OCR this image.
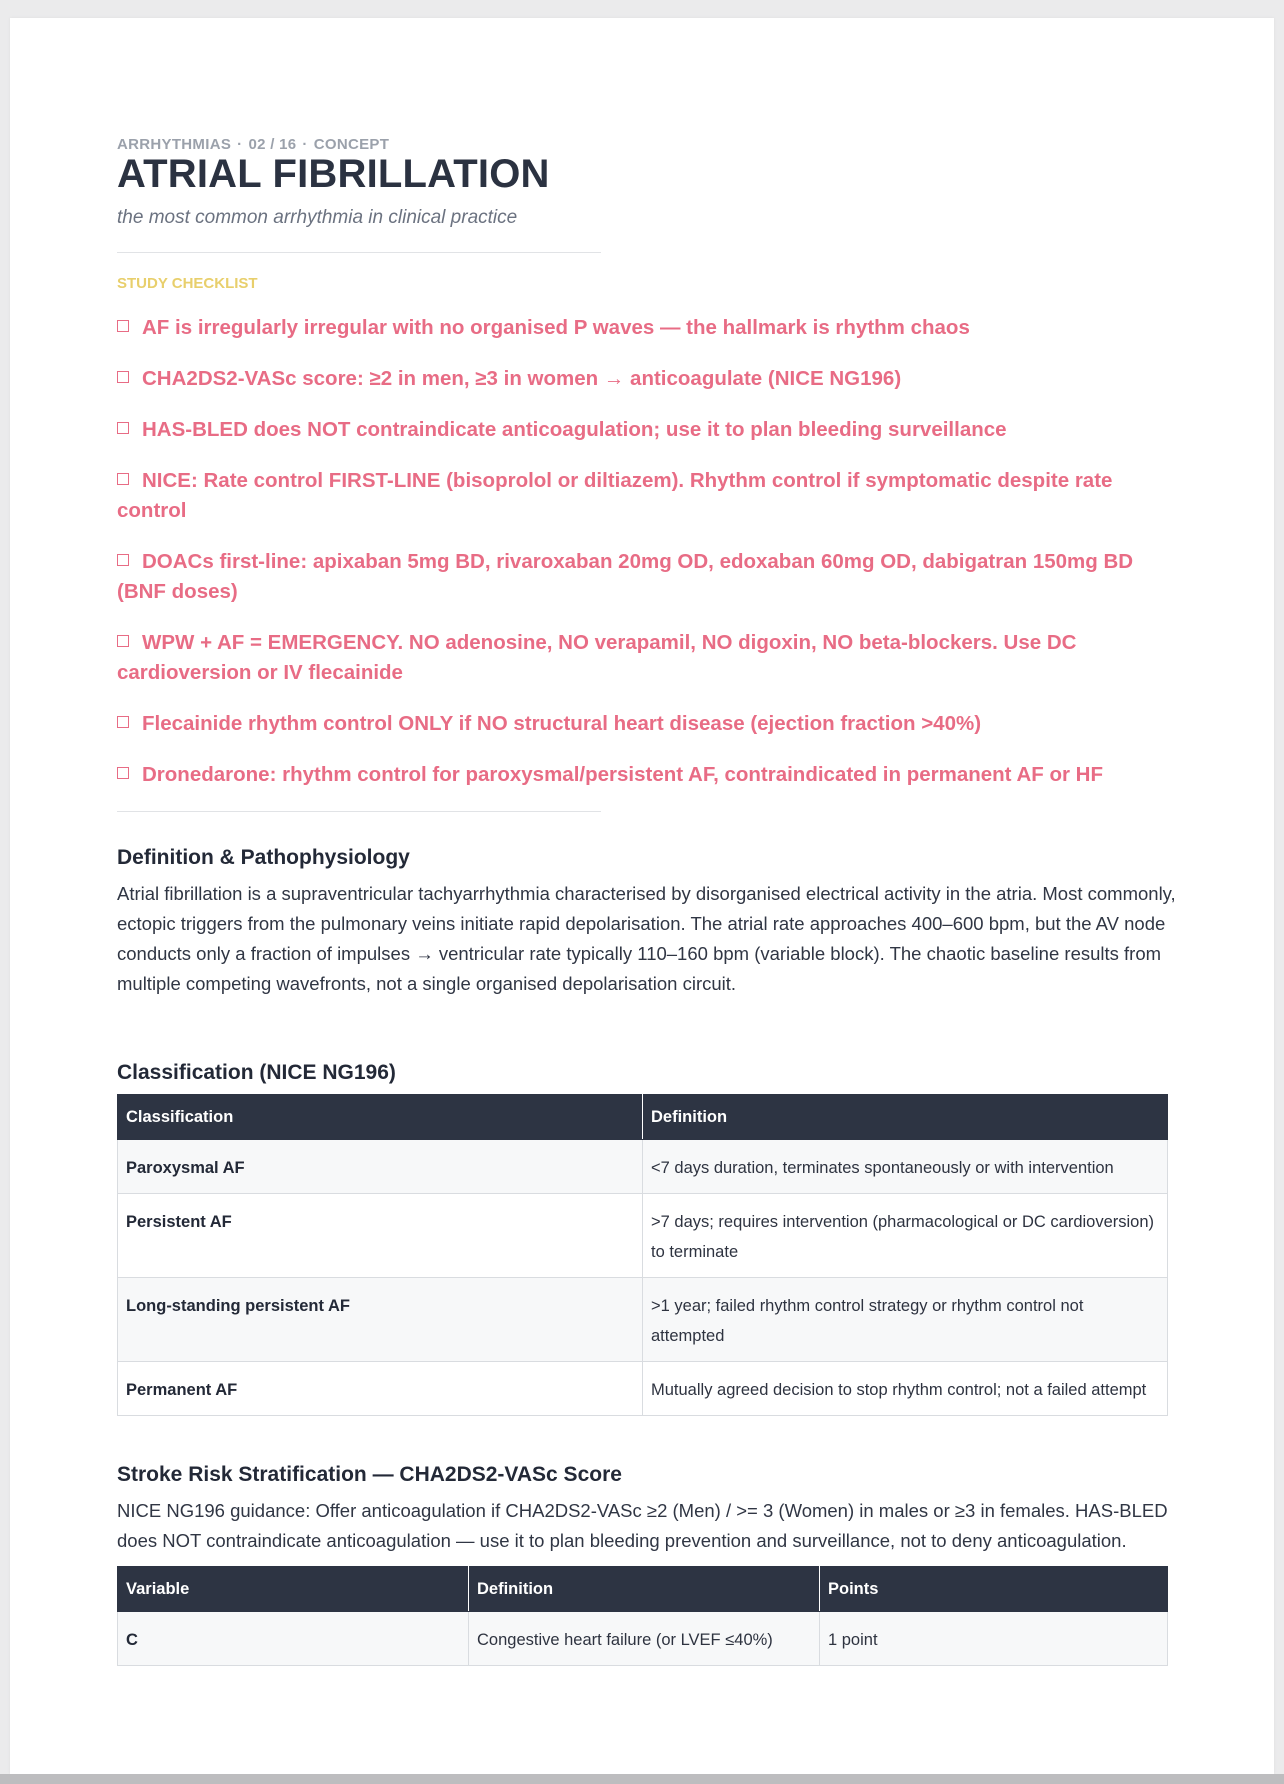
ARRHYTHMIAS · 02 / 16 · CONCEPT
ATRIAL FIBRILLATION
the most common arrhythmia in clinical practice
STUDY CHECKLIST
AF is irregularly irregular with no organised P waves — the hallmark is rhythm chaos
CHA2DS2-VASc score: ≥2 in men, ≥3 in women → anticoagulate (NICE NG196)
HAS-BLED does NOT contraindicate anticoagulation; use it to plan bleeding surveillance
NICE: Rate control FIRST-LINE (bisoprolol or diltiazem). Rhythm control if symptomatic despite rate control
DOACs first-line: apixaban 5mg BD, rivaroxaban 20mg OD, edoxaban 60mg OD, dabigatran 150mg BD (BNF doses)
WPW + AF = EMERGENCY. NO adenosine, NO verapamil, NO digoxin, NO beta-blockers. Use DC cardioversion or IV flecainide
Flecainide rhythm control ONLY if NO structural heart disease (ejection fraction >40%)
Dronedarone: rhythm control for paroxysmal/persistent AF, contraindicated in permanent AF or HF
Definition & Pathophysiology

Atrial fibrillation is a supraventricular tachyarrhythmia characterised by disorganised electrical activity in the atria. Most commonly, ectopic triggers from the pulmonary veins initiate rapid depolarisation. The atrial rate approaches 400–600 bpm, but the AV node conducts only a fraction of impulses → ventricular rate typically 110–160 bpm (variable block). The chaotic baseline results from multiple competing wavefronts, not a single organised depolarisation circuit.

Classification (NICE NG196)
Classification	Definition
Paroxysmal AF	<7 days duration, terminates spontaneously or with intervention
Persistent AF	>7 days; requires intervention (pharmacological or DC cardioversion) to terminate
Long-standing persistent AF	>1 year; failed rhythm control strategy or rhythm control not attempted
Permanent AF	Mutually agreed decision to stop rhythm control; not a failed attempt
Stroke Risk Stratification — CHA2DS2-VASc Score

NICE NG196 guidance: Offer anticoagulation if CHA2DS2-VASc ≥2 (Men) / >= 3 (Women) in males or ≥3 in females. HAS-BLED does NOT contraindicate anticoagulation — use it to plan bleeding prevention and surveillance, not to deny anticoagulation.

Variable	Definition	Points
C	Congestive heart failure (or LVEF ≤40%)	1 point
